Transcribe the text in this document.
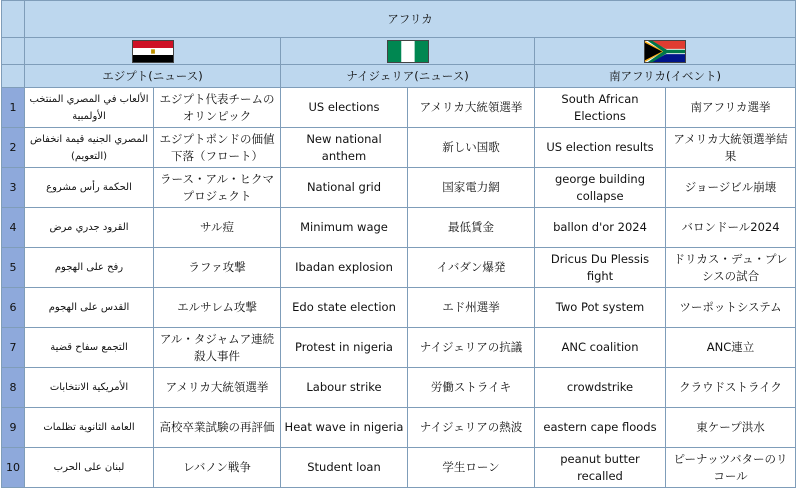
	アフリカ					

	エジプト(ニュース)		ナイジェリア(ニュース)		南アフリカ(イベント)	
1	الألعاب في المصري المنتخب الأولمبية	エジプト代表チームのオリンピック	US elections	アメリカ大統領選挙	South African Elections	南アフリカ選挙
2	المصري الجنيه قيمة انخفاض (التعويم)	エジプトポンドの価値下落（フロート）	New national anthem	新しい国歌	US election results	アメリカ大統領選挙結果
3	الحكمة رأس مشروع	ラース・アル・ヒクマプロジェクト	National grid	国家電力網	george building collapse	ジョージビル崩壊
4	القرود جدري مرض	サル痘	Minimum wage	最低賃金	ballon d'or 2024	バロンドール2024
5	رفح على الهجوم	ラファ攻撃	Ibadan explosion	イバダン爆発	Dricus Du Plessis fight	ドリカス・デュ・プレシスの試合
6	القدس على الهجوم	エルサレム攻撃	Edo state election	エド州選挙	Two Pot system	ツーポットシステム
7	التجمع سفاح قضية	アル・タジャムア連続殺人事件	Protest in nigeria	ナイジェリアの抗議	ANC coalition	ANC連立
8	الأمريكية الانتخابات	アメリカ大統領選挙	Labour strike	労働ストライキ	crowdstrike	クラウドストライク
9	العامة الثانوية تظلمات	高校卒業試験の再評価	Heat wave in nigeria	ナイジェリアの熱波	eastern cape floods	東ケープ洪水
10	لبنان على الحرب	レバノン戦争	Student loan	学生ローン	peanut butter recalled	ピーナッツバターのリコール
